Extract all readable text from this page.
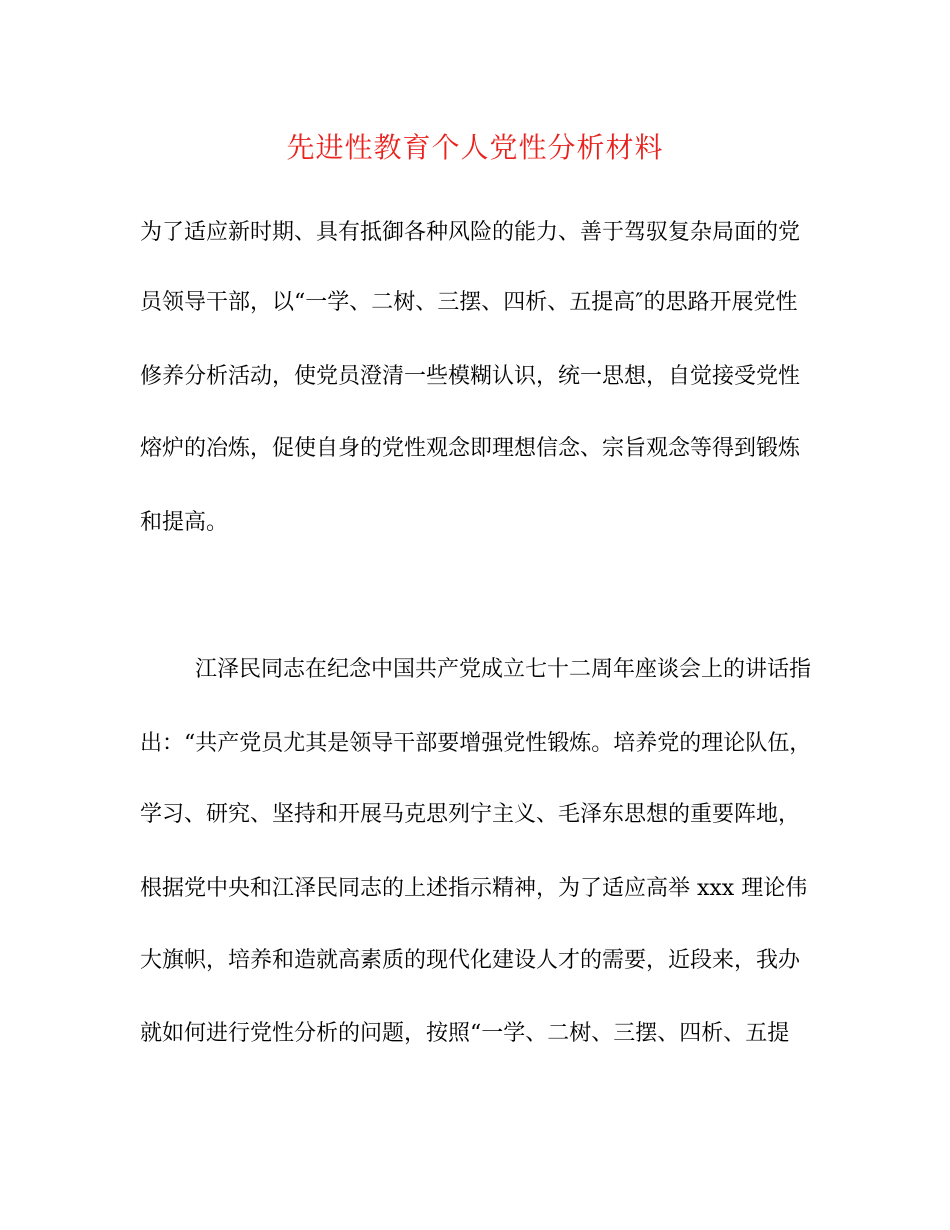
先进性教育个人党性分析材料
为了适应新时期、具有抵御各种风险的能力、善于驾驭复杂局面的党
员领导干部，以“一学、二树、三摆、四析、五提高″的思路开展党性
修养分析活动，使党员澄清一些模糊认识，统一思想，自觉接受党性
熔炉的冶炼，促使自身的党性观念即理想信念、宗旨观念等得到锻炼
和提高。
江泽民同志在纪念中国共产党成立七十二周年座谈会上的讲话指
出：“共产党员尤其是领导干部要增强党性锻炼。培养党的理论队伍，
学习、研究、坚持和开展马克思列宁主义、毛泽东思想的重要阵地，
根据党中央和江泽民同志的上述指示精神，为了适应高举 xxx 理论伟
大旗帜，培养和造就高素质的现代化建设人才的需要，近段来，我办
就如何进行党性分析的问题，按照“一学、二树、三摆、四析、五提
